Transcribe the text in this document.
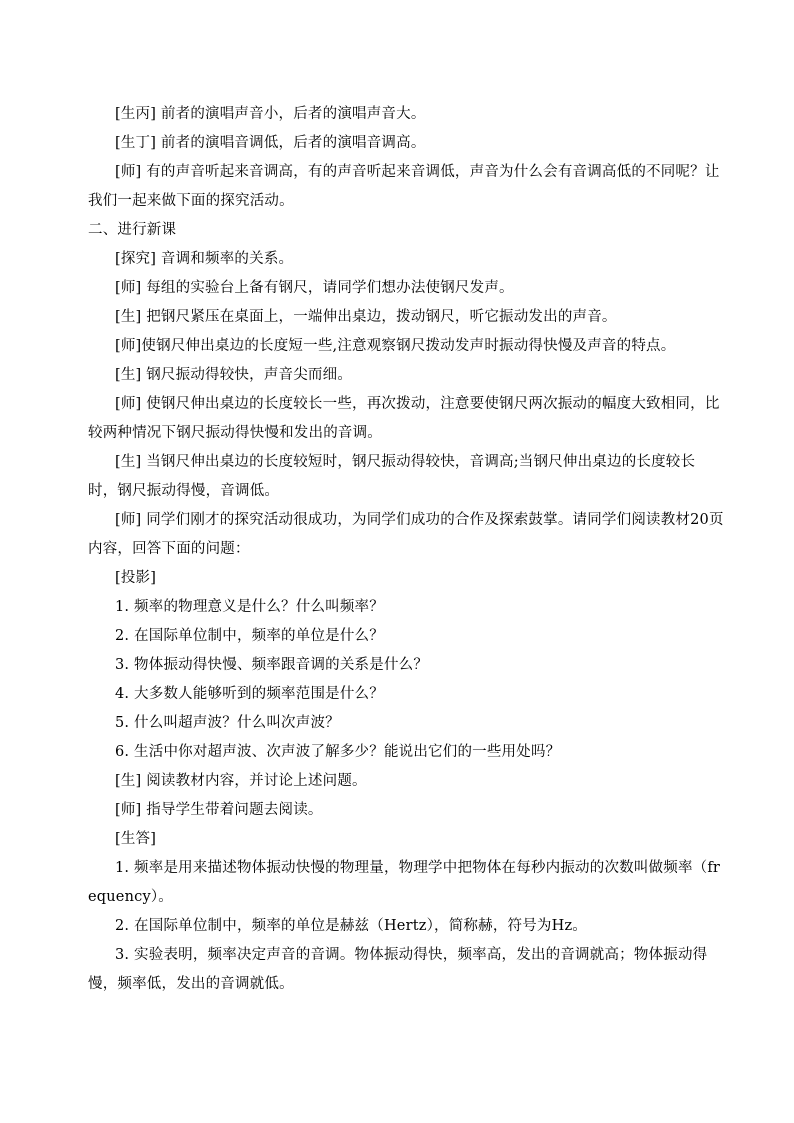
[生丙] 前者的演唱声音小，后者的演唱声音大。

[生丁] 前者的演唱音调低，后者的演唱音调高。

[师] 有的声音听起来音调高，有的声音听起来音调低，声音为什么会有音调高低的不同呢？让我们一起来做下面的探究活动。

二、进行新课

[探究] 音调和频率的关系。

[师] 每组的实验台上备有钢尺，请同学们想办法使钢尺发声。

[生] 把钢尺紧压在桌面上，一端伸出桌边，拨动钢尺，听它振动发出的声音。

[师]使钢尺伸出桌边的长度短一些,注意观察钢尺拨动发声时振动得快慢及声音的特点。

[生] 钢尺振动得较快，声音尖而细。

[师] 使钢尺伸出桌边的长度较长一些，再次拨动，注意要使钢尺两次振动的幅度大致相同，比较两种情况下钢尺振动得快慢和发出的音调。

[生] 当钢尺伸出桌边的长度较短时，钢尺振动得较快，音调高;当钢尺伸出桌边的长度较长时，钢尺振动得慢，音调低。

[师] 同学们刚才的探究活动很成功，为同学们成功的合作及探索鼓掌。请同学们阅读教材20页内容，回答下面的问题：

[投影]

1. 频率的物理意义是什么？什么叫频率？

2. 在国际单位制中，频率的单位是什么？

3. 物体振动得快慢、频率跟音调的关系是什么？

4. 大多数人能够听到的频率范围是什么？

5. 什么叫超声波？什么叫次声波？

6. 生活中你对超声波、次声波了解多少？能说出它们的一些用处吗？

[生] 阅读教材内容，并讨论上述问题。

[师] 指导学生带着问题去阅读。

[生答]

1. 频率是用来描述物体振动快慢的物理量，物理学中把物体在每秒内振动的次数叫做频率（frequency）。

2. 在国际单位制中，频率的单位是赫兹（Hertz），简称赫，符号为Hz。

3. 实验表明，频率决定声音的音调。物体振动得快，频率高，发出的音调就高；物体振动得慢，频率低，发出的音调就低。
